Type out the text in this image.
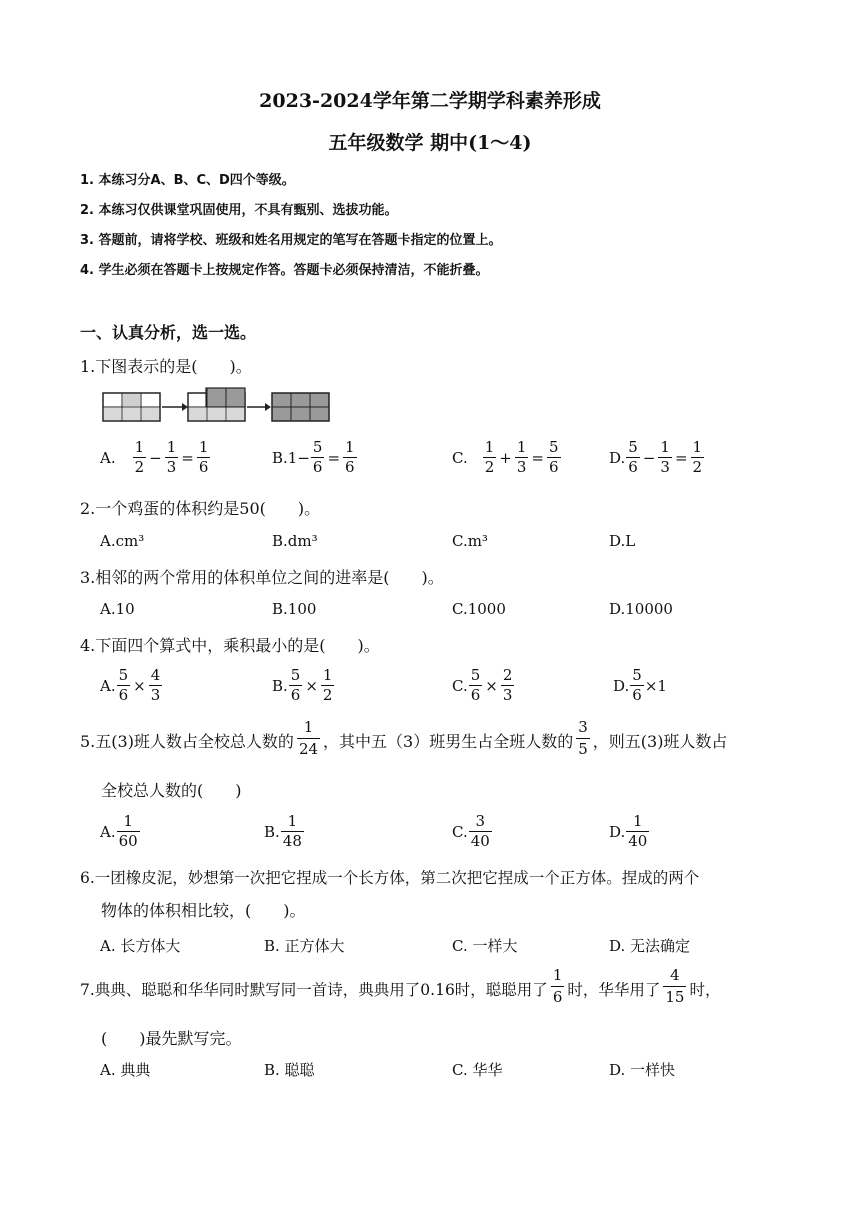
2023-2024学年第二学期学科素养形成
五年级数学 期中(1～4)
1. 本练习分A、B、C、D四个等级。
2. 本练习仅供课堂巩固使用，不具有甄别、选拔功能。
3. 答题前，请将学校、班级和姓名用规定的笔写在答题卡指定的位置上。
4. 学生必须在答题卡上按规定作答。答题卡必须保持清洁，不能折叠。
一、认真分析，选一选。
1.下图表示的是(　　)。
A. $\frac{1}{2} - \frac{1}{3} = \frac{1}{6}$	B. $1- \frac{5}{6} = \frac{1}{6}$	C. $\frac{1}{2} + \frac{1}{3} = \frac{5}{6}$	D. $\frac{5}{6} - \frac{1}{3} = \frac{1}{2}$
2.一个鸡蛋的体积约是50(　　)。
A.cm³	B.dm³	C.m³	D.L
3.相邻的两个常用的体积单位之间的进率是(　　)。
A.10	B.100	C.1000	D.10000
4.下面四个算式中，乘积最小的是(　　)。
A. $\frac{5}{6} \times \frac{4}{3}$	B. $\frac{5}{6} \times \frac{1}{2}$	C. $\frac{5}{6} \times \frac{2}{3}$	D. $\frac{5}{6} \times 1$
5.五(3)班人数占全校总人数的 $\frac{1}{24}$ ，其中五（3）班男生占全班人数的 $\frac{3}{5}$ ，则五(3)班人数占
全校总人数的(　　)
A. $\frac{1}{60}$	B. $\frac{1}{48}$	C. $\frac{3}{40}$	D. $\frac{1}{40}$
6.一团橡皮泥，妙想第一次把它捏成一个长方体，第二次把它捏成一个正方体。捏成的两个
物体的体积相比较，(　　)。
A. 长方体大	B. 正方体大	C. 一样大	D. 无法确定
7.典典、聪聪和华华同时默写同一首诗，典典用了0.16时，聪聪用了 $\frac{1}{6}$ 时，华华用了 $\frac{4}{15}$ 时，
(　　)最先默写完。
A. 典典	B. 聪聪	C. 华华	D. 一样快
